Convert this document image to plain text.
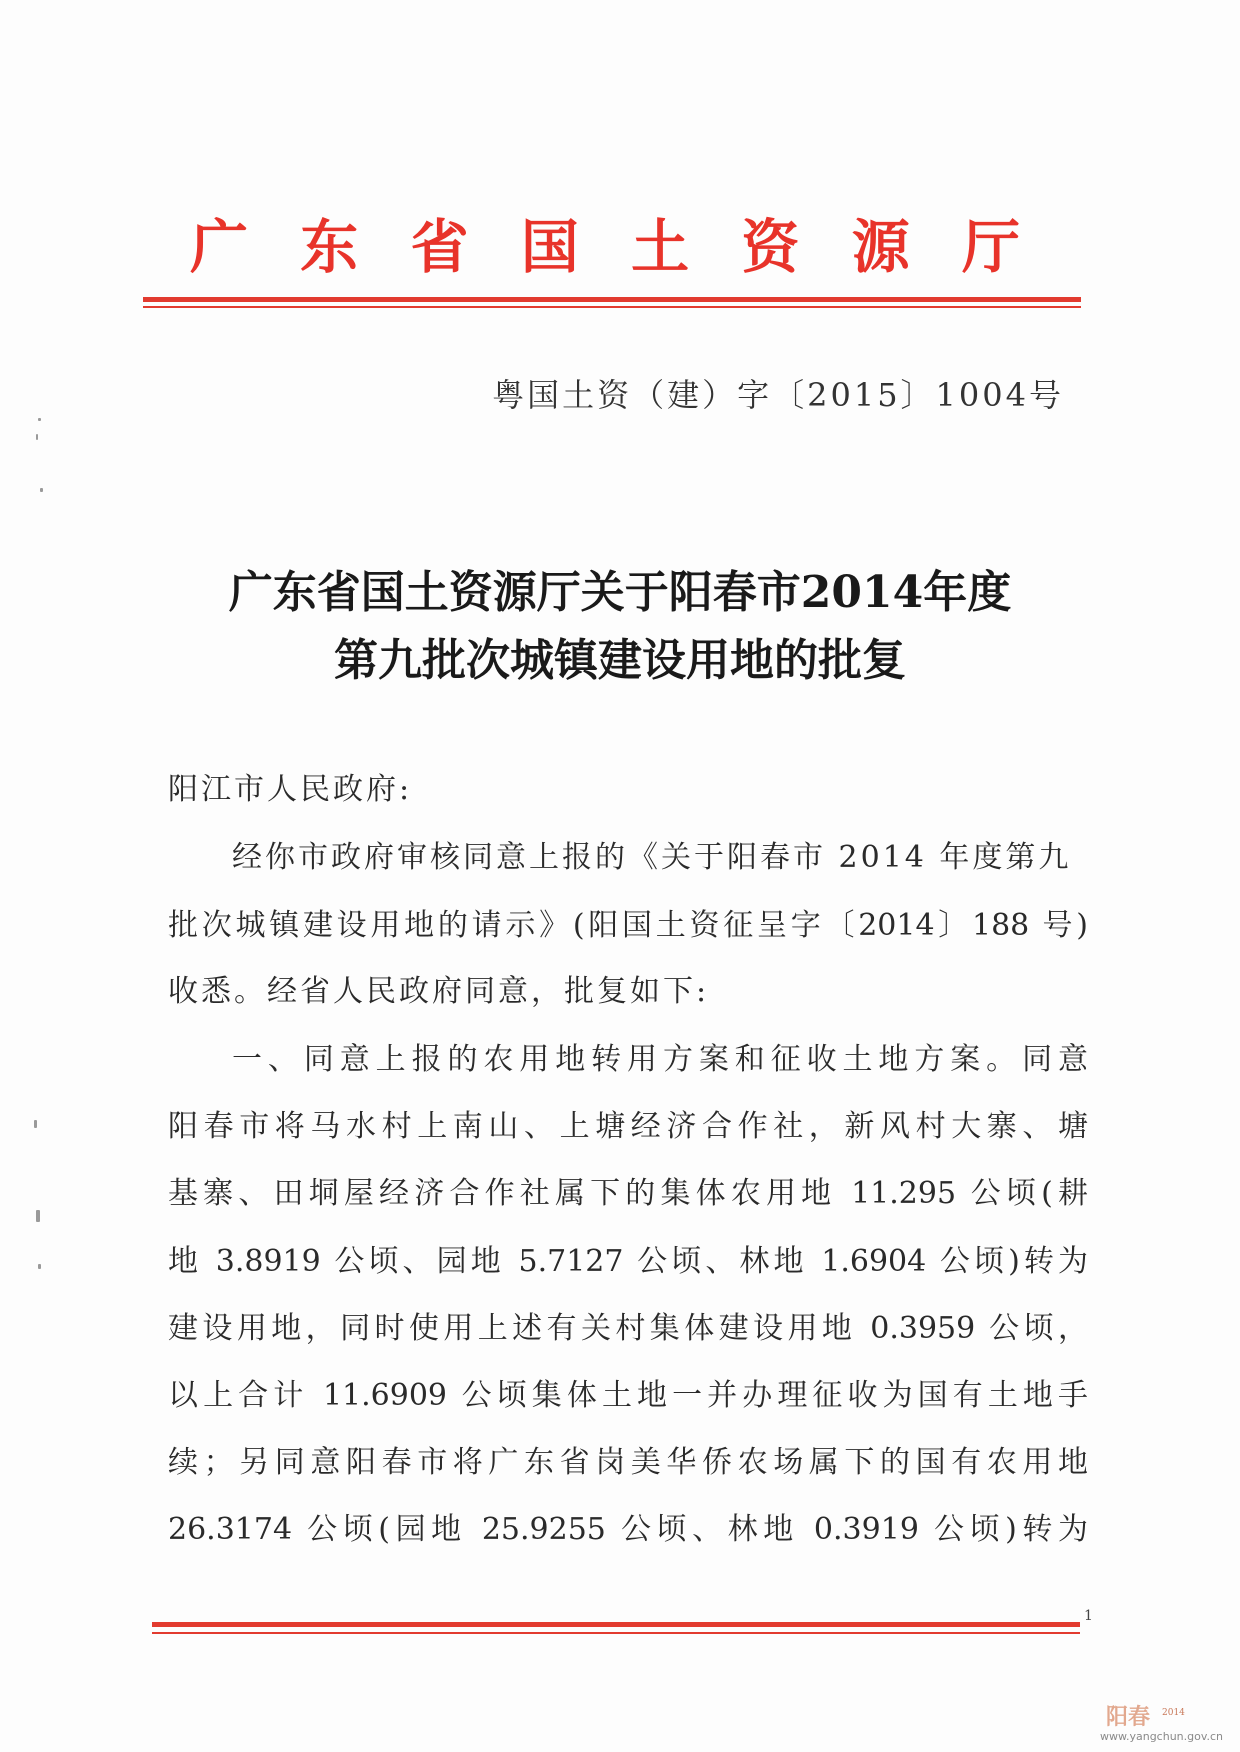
广 东 省 国 土 资 源 厅
粤国土资（建）字〔2015〕1004号
广东省国土资源厅关于阳春市2014年度
第九批次城镇建设用地的批复
阳江市人民政府:
经你市政府审核同意上报的《关于阳春市 2014 年度第九
批次城镇建设用地的请示》(阳国土资征呈字〔2014〕188 号)
收悉。经省人民政府同意，批复如下:
一、同意上报的农用地转用方案和征收土地方案。同意
阳春市将马水村上南山、上塘经济合作社，新风村大寨、塘
基寨、田垌屋经济合作社属下的集体农用地 11.295 公顷(耕
地 3.8919 公顷、园地 5.7127 公顷、林地 1.6904 公顷)转为
建设用地，同时使用上述有关村集体建设用地 0.3959 公顷，
以上合计 11.6909 公顷集体土地一并办理征收为国有土地手
续；另同意阳春市将广东省岗美华侨农场属下的国有农用地
26.3174 公顷(园地 25.9255 公顷、林地 0.3919 公顷)转为
1
阳春 2014
www.yangchun.gov.cn
